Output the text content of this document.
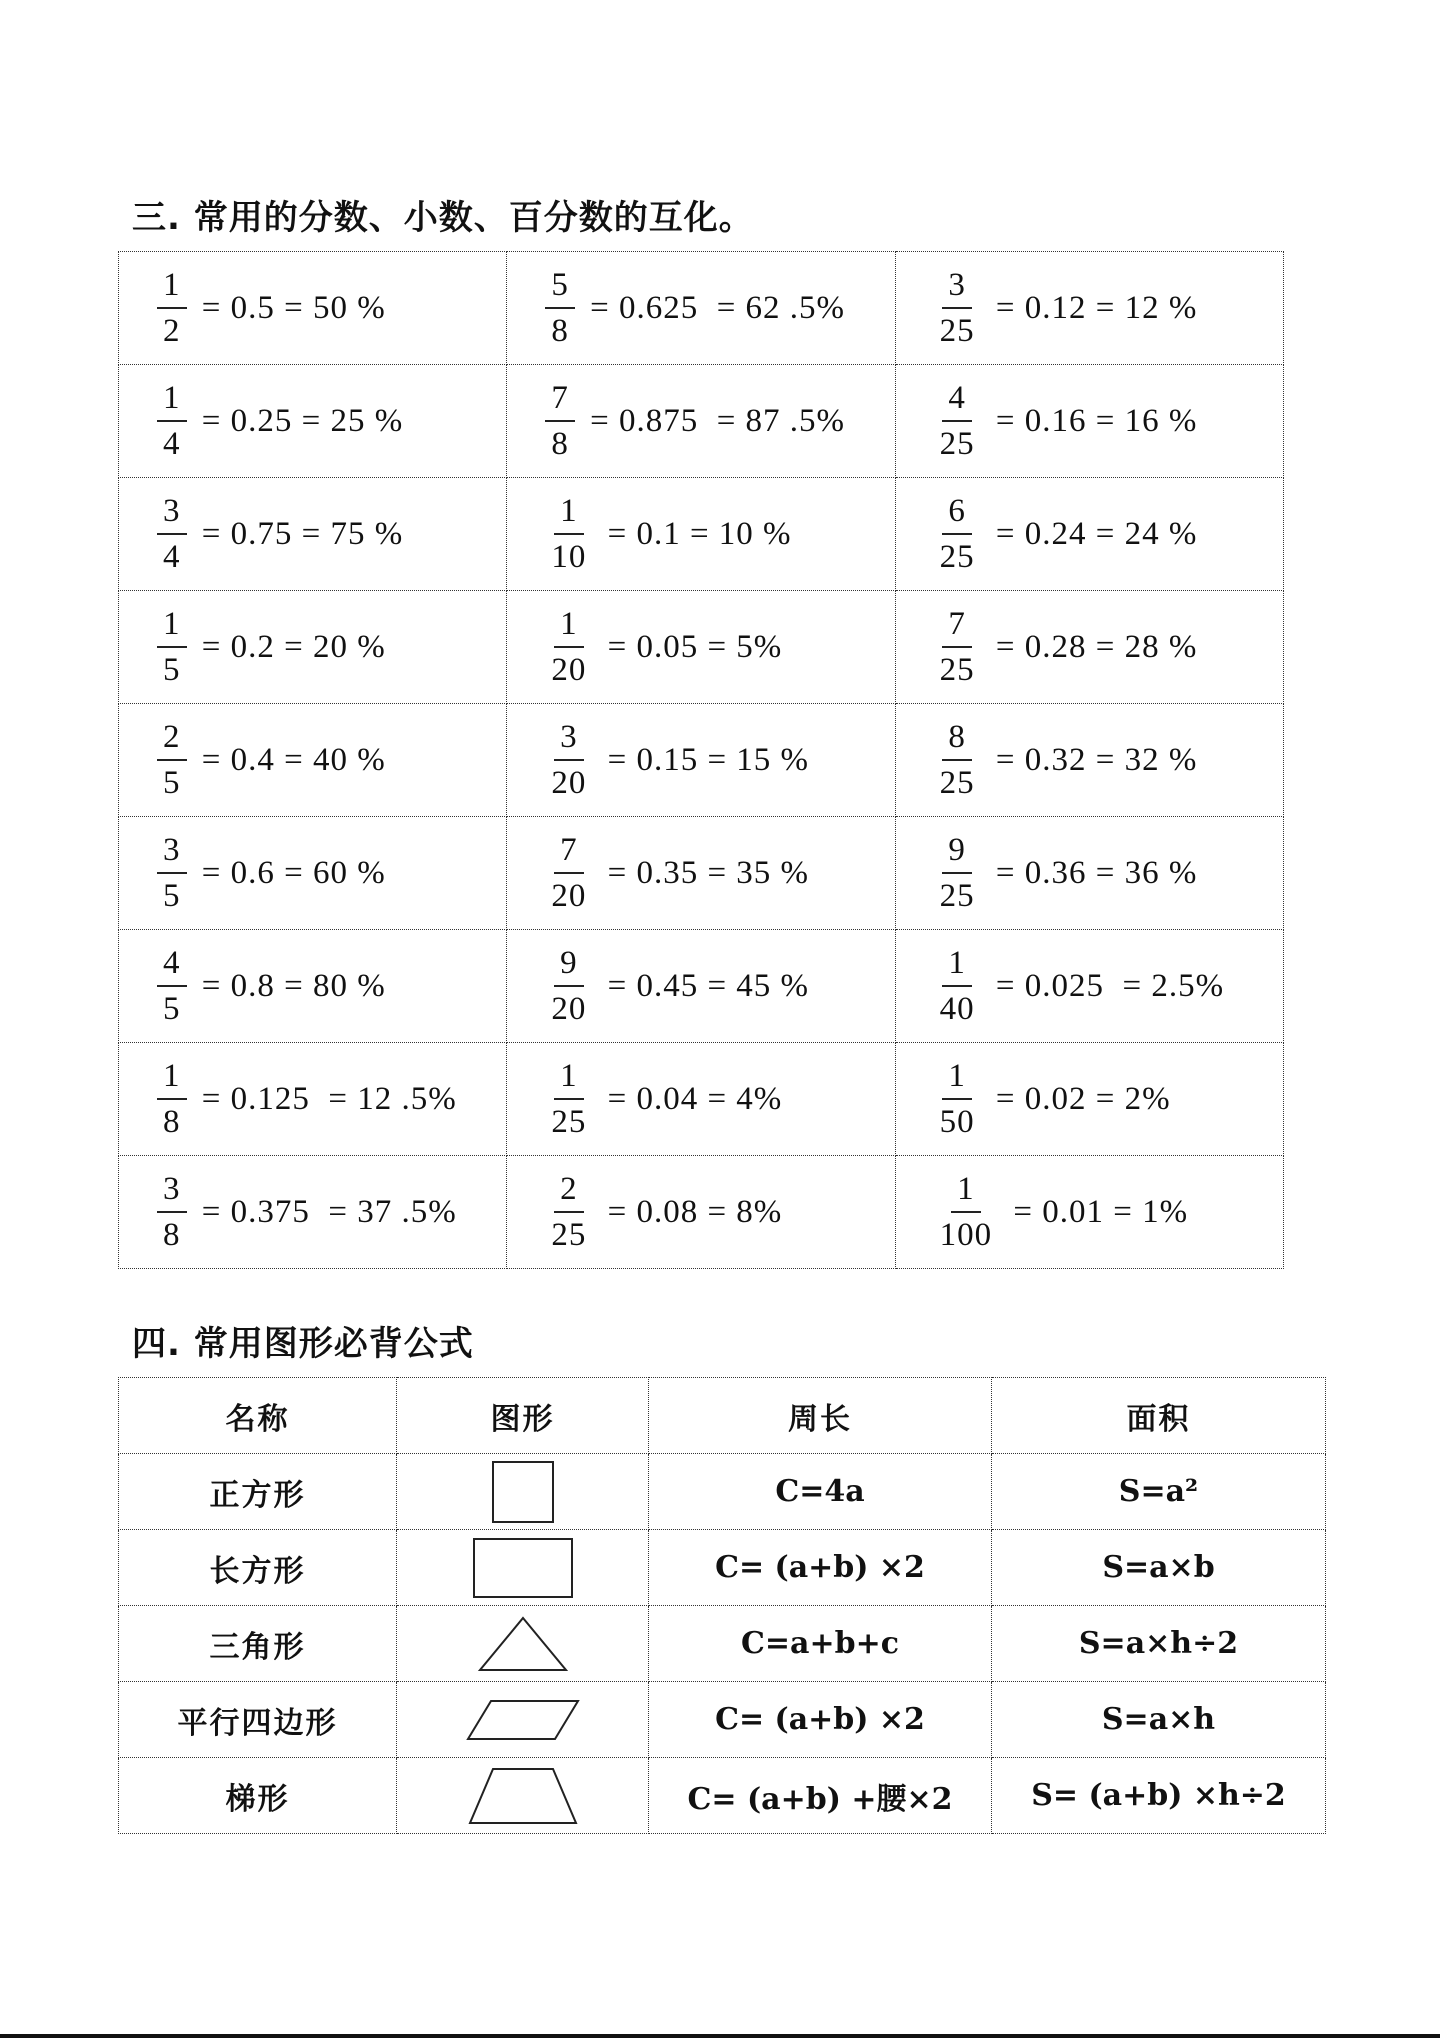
三. 常用的分数、小数、百分数的互化。
$\frac{1}{2} = 0.5 = 50$ %	$\frac{5}{8} = 0.625 = 62$ .5%	$\frac{3}{25} = 0.12 = 12$ %

$\frac{1}{4} = 0.25 = 25$ %	$\frac{7}{8} = 0.875 = 87$ .5%	$\frac{4}{25} = 0.16 = 16$ %

$\frac{3}{4} = 0.75 = 75$ %	$\frac{1}{10} = 0.1 = 10$ %	$\frac{6}{25} = 0.24 = 24$ %

$\frac{1}{5} = 0.2 = 20$ %	$\frac{1}{20} = 0.05 = 5\%$	$\frac{7}{25} = 0.28 = 28$ %

$\frac{2}{5} = 0.4 = 40$ %	$\frac{3}{20} = 0.15 = 15$ %	$\frac{8}{25} = 0.32 = 32$ %

$\frac{3}{5} = 0.6 = 60$ %	$\frac{7}{20} = 0.35 = 35$ %	$\frac{9}{25} = 0.36 = 36$ %

$\frac{4}{5} = 0.8 = 80$ %	$\frac{9}{20} = 0.45 = 45$ %	$\frac{1}{40} = 0.025 = 2.5\%$

$\frac{1}{8} = 0.125 = 12$ .5%	$\frac{1}{25} = 0.04 = 4\%$	$\frac{1}{50} = 0.02 = 2\%$

$\frac{3}{8} = 0.375 = 37$ .5%	$\frac{2}{25} = 0.08 = 8\%$	$\frac{1}{100} = 0.01 = 1\%$
四. 常用图形必背公式
名称	图形	周长	面积
正方形		C=4a	S=a²
长方形		C= (a+b) ×2	S=a×b
三角形		C=a+b+c	S=a×h÷2
平行四边形		C= (a+b) ×2	S=a×h
梯形		C= (a+b) +腰×2	S= (a+b) ×h÷2
